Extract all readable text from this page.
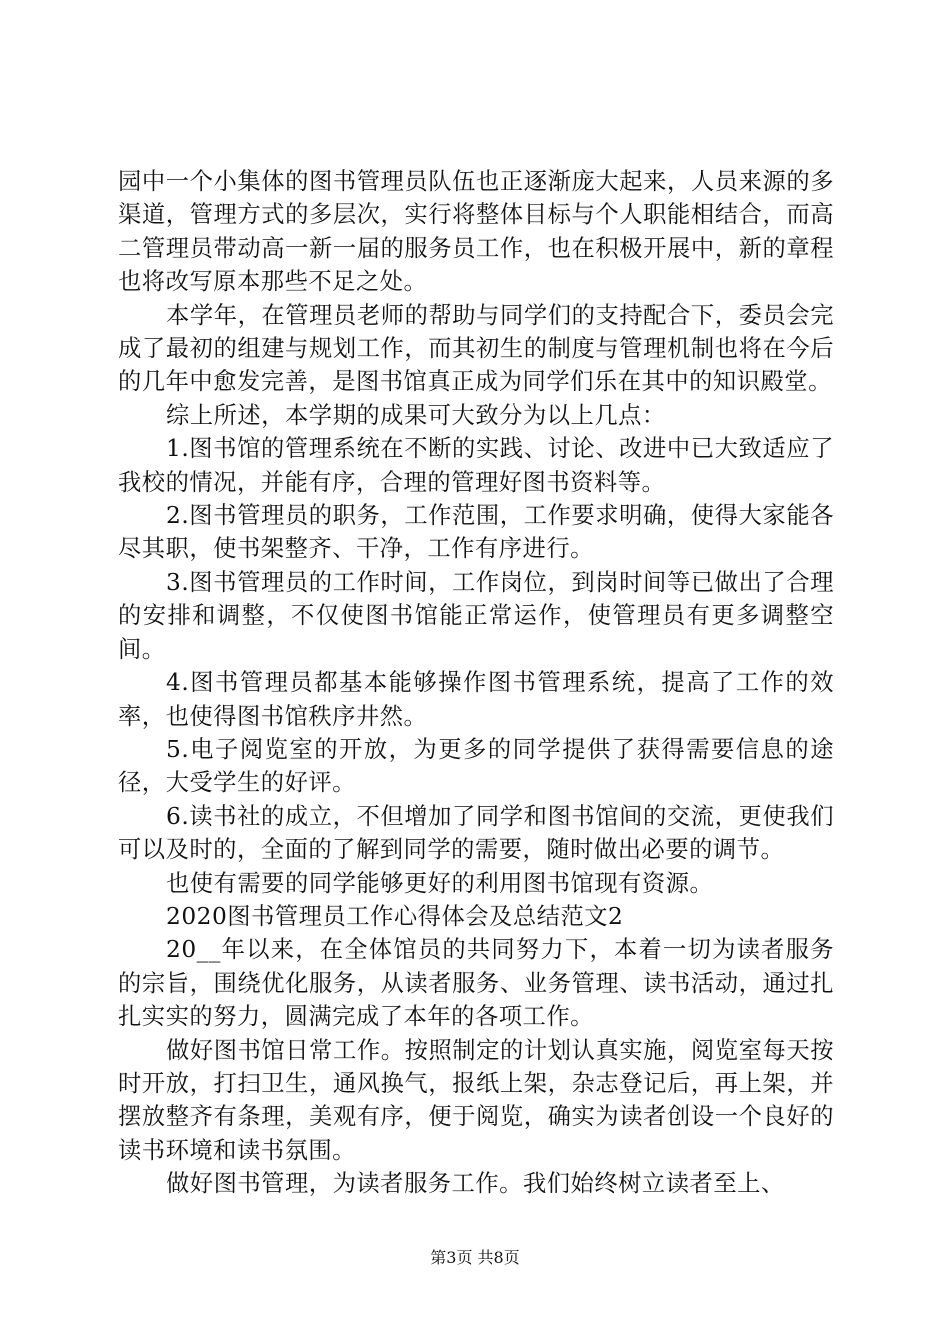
园中一个小集体的图书管理员队伍也正逐渐庞大起来，人员来源的多渠道，管理方式的多层次，实行将整体目标与个人职能相结合，而高二管理员带动高一新一届的服务员工作，也在积极开展中，新的章程也将改写原本那些不足之处。

本学年，在管理员老师的帮助与同学们的支持配合下，委员会完成了最初的组建与规划工作，而其初生的制度与管理机制也将在今后的几年中愈发完善，是图书馆真正成为同学们乐在其中的知识殿堂。

综上所述，本学期的成果可大致分为以上几点：

1.图书馆的管理系统在不断的实践、讨论、改进中已大致适应了我校的情况，并能有序，合理的管理好图书资料等。

2.图书管理员的职务，工作范围，工作要求明确，使得大家能各尽其职，使书架整齐、干净，工作有序进行。

3.图书管理员的工作时间，工作岗位，到岗时间等已做出了合理的安排和调整，不仅使图书馆能正常运作，使管理员有更多调整空间。

4.图书管理员都基本能够操作图书管理系统，提高了工作的效率，也使得图书馆秩序井然。

5.电子阅览室的开放，为更多的同学提供了获得需要信息的途径，大受学生的好评。

6.读书社的成立，不但增加了同学和图书馆间的交流，更使我们可以及时的，全面的了解到同学的需要，随时做出必要的调节。

也使有需要的同学能够更好的利用图书馆现有资源。

2020图书管理员工作心得体会及总结范文2

20__年以来，在全体馆员的共同努力下，本着一切为读者服务的宗旨，围绕优化服务，从读者服务、业务管理、读书活动，通过扎扎实实的努力，圆满完成了本年的各项工作。

做好图书馆日常工作。按照制定的计划认真实施，阅览室每天按时开放，打扫卫生，通风换气，报纸上架，杂志登记后，再上架，并摆放整齐有条理，美观有序，便于阅览，确实为读者创设一个良好的读书环境和读书氛围。

做好图书管理，为读者服务工作。我们始终树立读者至上、

第3页 共8页
